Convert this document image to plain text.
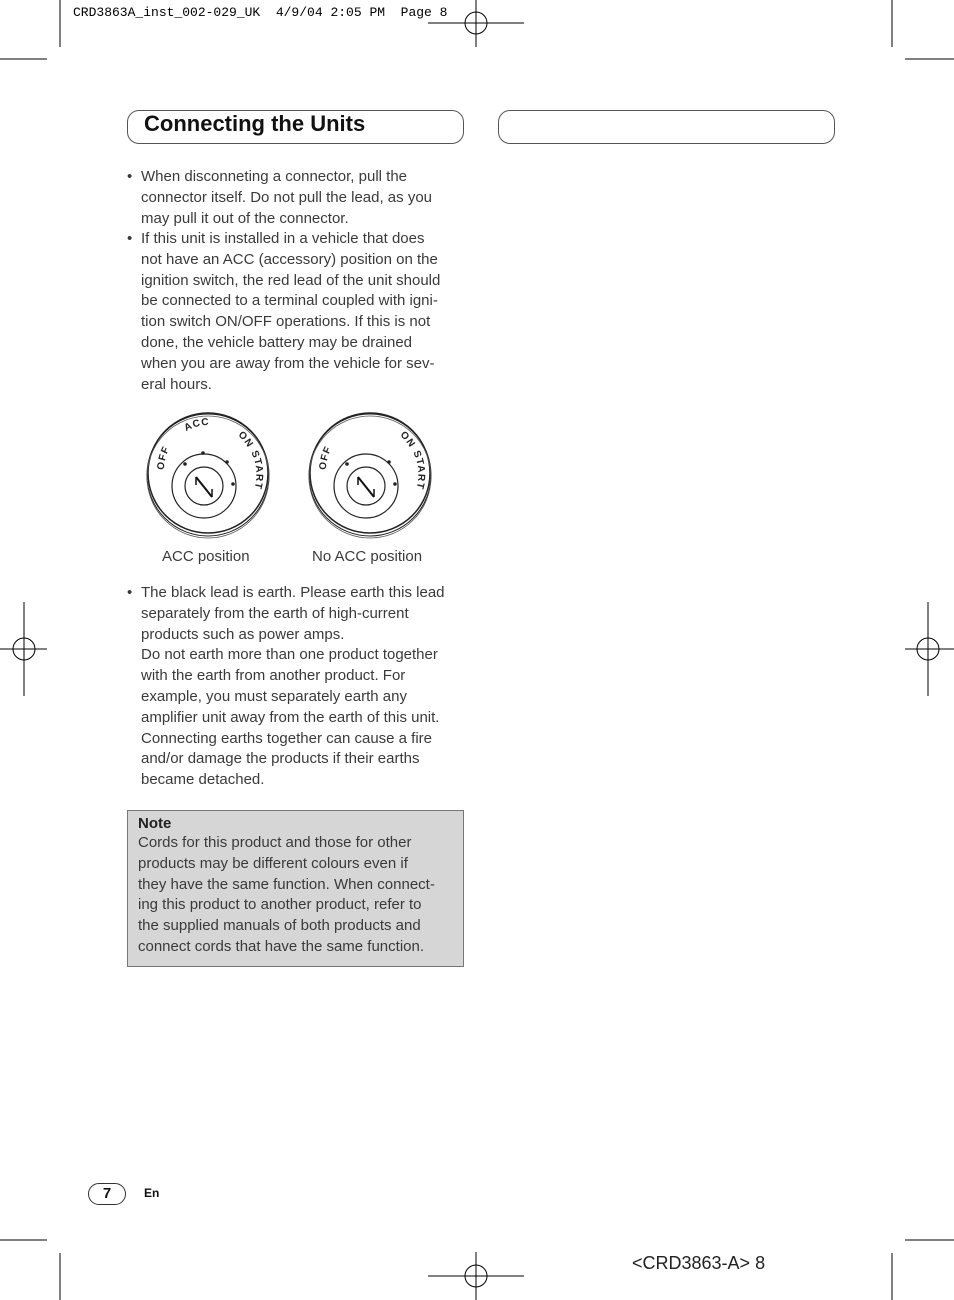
CRD3863A_inst_002-029_UK  4/9/04 2:05 PM  Page 8
Connecting the Units
• When disconneting a connector, pull the
connector itself. Do not pull the lead, as you
may pull it out of the connector.
• If this unit is installed in a vehicle that does
not have an ACC (accessory) position on the
ignition switch, the red lead of the unit should
be connected to a terminal coupled with igni-
tion switch ON/OFF operations. If this is not
done, the vehicle battery may be drained
when you are away from the vehicle for sev-
eral hours.
OFF
ACC
ON
START
OFF
ON
START
ACC position	No ACC position
• The black lead is earth. Please earth this lead
separately from the earth of high-current
products such as power amps.
Do not earth more than one product together
with the earth from another product. For
example, you must separately earth any
amplifier unit away from the earth of this unit.
Connecting earths together can cause a fire
and/or damage the products if their earths
became detached.
Note
Cords for this product and those for other
products may be different colours even if
they have the same function. When connect-
ing this product to another product, refer to
the supplied manuals of both products and
connect cords that have the same function.
7	En
<CRD3863-A> 8
